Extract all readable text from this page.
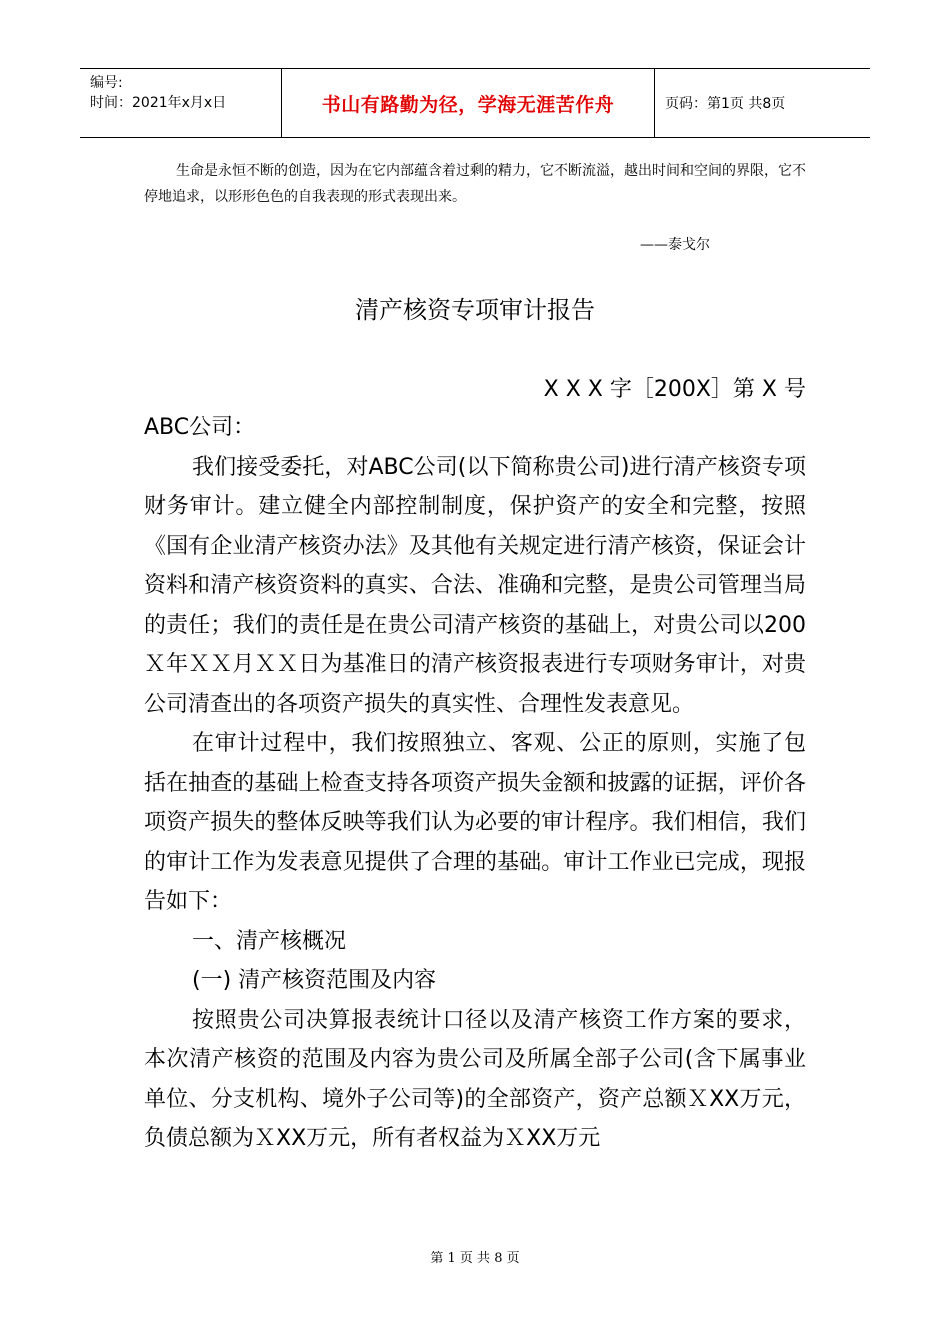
编号:
时间：2021年x月x日	书山有路勤为径，学海无涯苦作舟	页码：第1页 共8页
生命是永恒不断的创造，因为在它内部蕴含着过剩的精力，它不断流溢，越出时间和空间的界限，它不停地追求，以形形色色的自我表现的形式表现出来。
——泰戈尔
清产核资专项审计报告
X X X 字［200X］第 X 号

ABC公司：

我们接受委托，对ABC公司(以下简称贵公司)进行清产核资专项财务审计。建立健全内部控制制度，保护资产的安全和完整，按照《国有企业清产核资办法》及其他有关规定进行清产核资，保证会计资料和清产核资资料的真实、合法、准确和完整，是贵公司管理当局的责任；我们的责任是在贵公司清产核资的基础上，对贵公司以200Ｘ年ＸＸ月ＸＸ日为基准日的清产核资报表进行专项财务审计，对贵公司清查出的各项资产损失的真实性、合理性发表意见。

在审计过程中，我们按照独立、客观、公正的原则，实施了包括在抽查的基础上检查支持各项资产损失金额和披露的证据，评价各项资产损失的整体反映等我们认为必要的审计程序。我们相信，我们的审计工作为发表意见提供了合理的基础。审计工作业已完成，现报告如下：

一、清产核概况

(一) 清产核资范围及内容

按照贵公司决算报表统计口径以及清产核资工作方案的要求，本次清产核资的范围及内容为贵公司及所属全部子公司(含下属事业单位、分支机构、境外子公司等)的全部资产，资产总额ＸXX万元，负债总额为ＸXX万元，所有者权益为ＸXX万元

第 1 页 共 8 页
